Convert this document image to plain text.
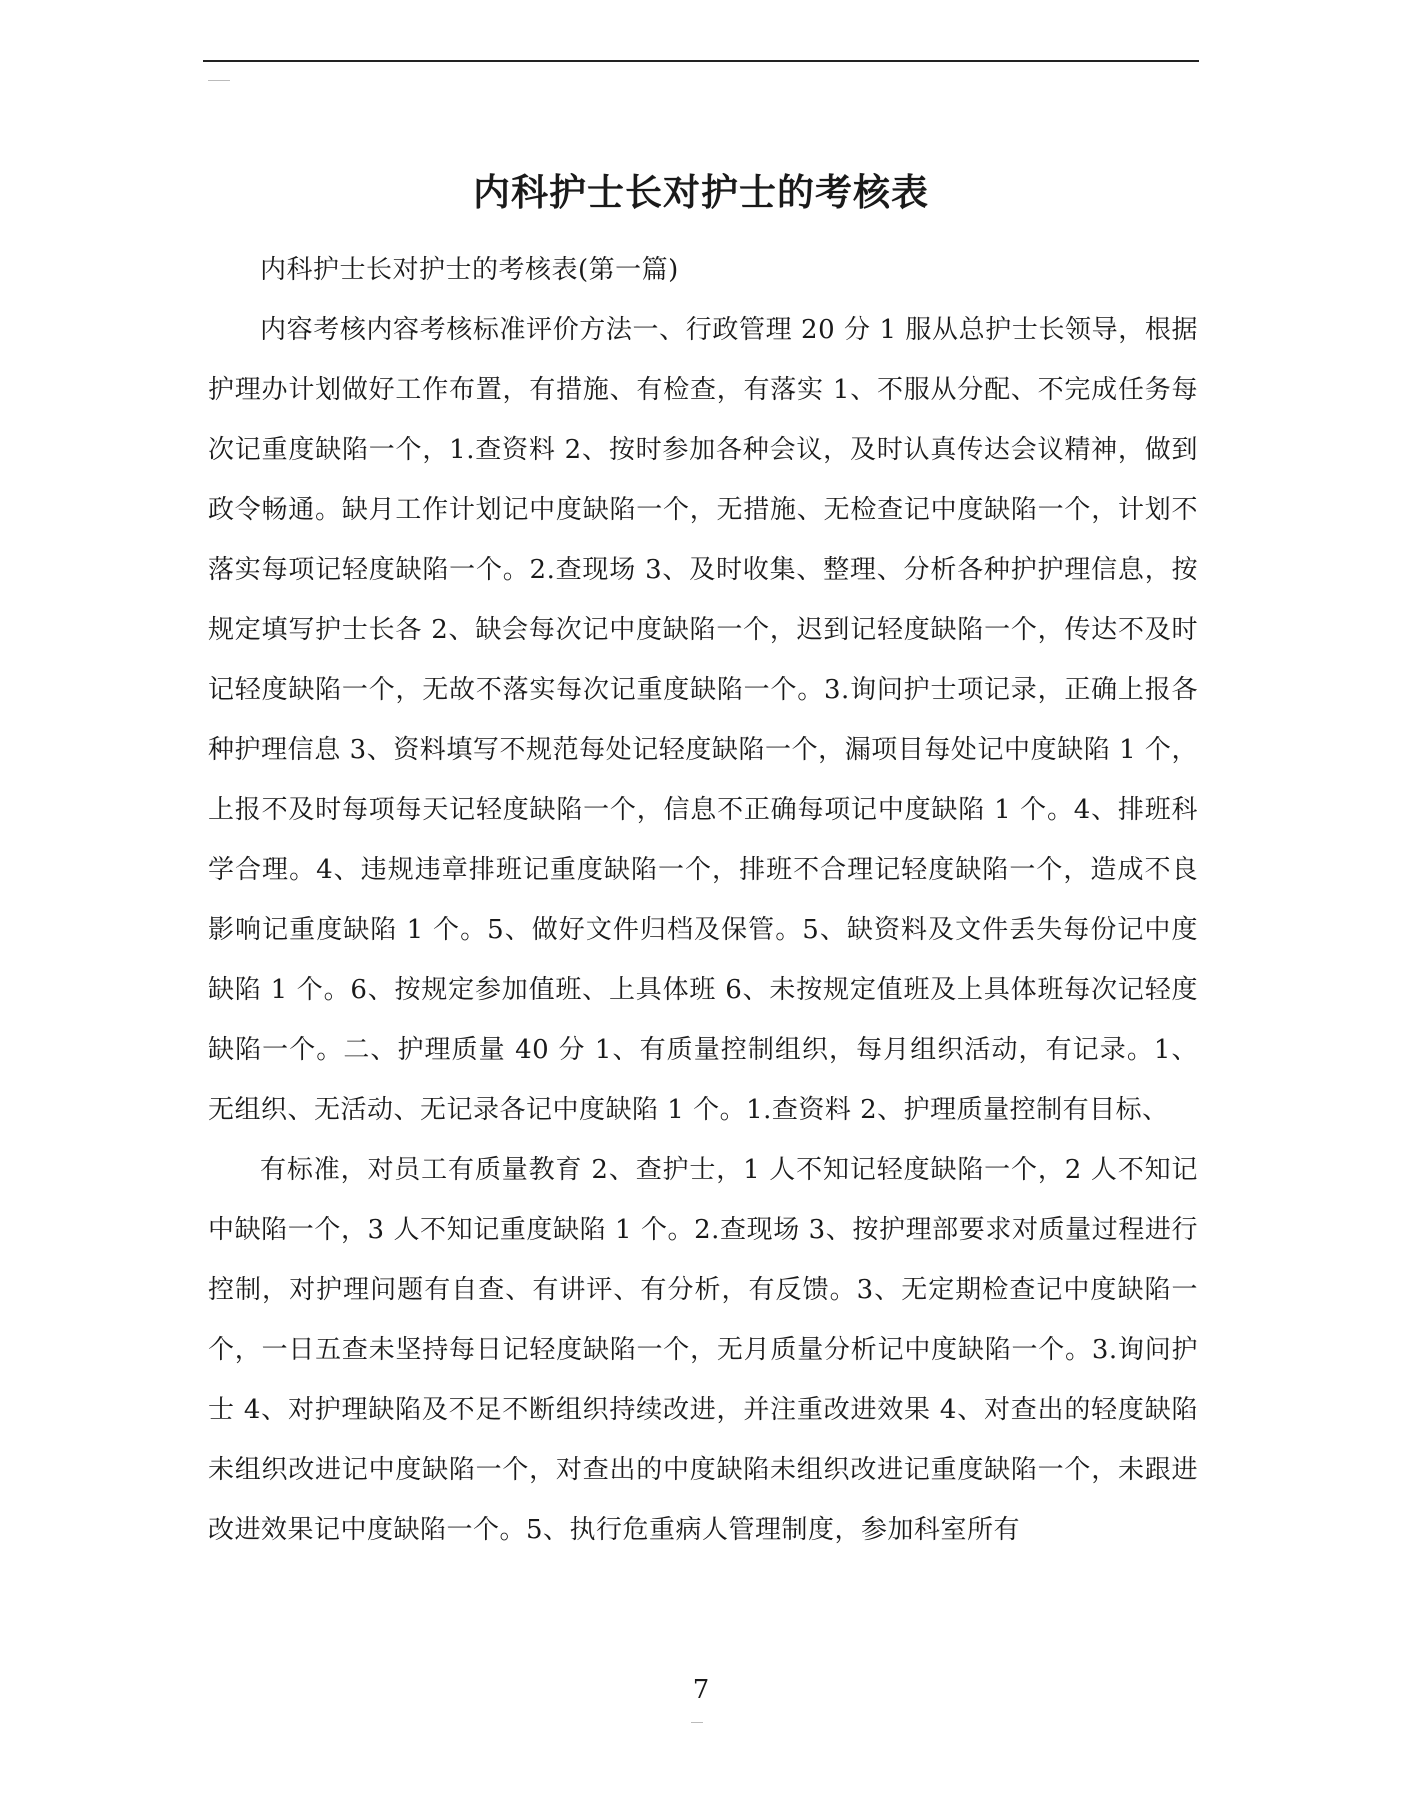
内科护士长对护士的考核表

内科护士长对护士的考核表(第一篇)

内容考核内容考核标准评价方法一、行政管理 20 分 1 服从总护士长领导，根据护理办计划做好工作布置，有措施、有检查，有落实 1、不服从分配、不完成任务每次记重度缺陷一个，1.查资料 2、按时参加各种会议，及时认真传达会议精神，做到政令畅通。缺月工作计划记中度缺陷一个，无措施、无检查记中度缺陷一个，计划不落实每项记轻度缺陷一个。2.查现场 3、及时收集、整理、分析各种护护理信息，按规定填写护士长各 2、缺会每次记中度缺陷一个，迟到记轻度缺陷一个，传达不及时记轻度缺陷一个，无故不落实每次记重度缺陷一个。3.询问护士项记录，正确上报各种护理信息 3、资料填写不规范每处记轻度缺陷一个，漏项目每处记中度缺陷 1 个，上报不及时每项每天记轻度缺陷一个，信息不正确每项记中度缺陷 1 个。4、排班科学合理。4、违规违章排班记重度缺陷一个，排班不合理记轻度缺陷一个，造成不良影响记重度缺陷 1 个。5、做好文件归档及保管。5、缺资料及文件丢失每份记中度缺陷 1 个。6、按规定参加值班、上具体班 6、未按规定值班及上具体班每次记轻度缺陷一个。二、护理质量 40 分 1、有质量控制组织，每月组织活动，有记录。1、无组织、无活动、无记录各记中度缺陷 1 个。1.查资料 2、护理质量控制有目标、

有标准，对员工有质量教育 2、查护士，1 人不知记轻度缺陷一个，2 人不知记中缺陷一个，3 人不知记重度缺陷 1 个。2.查现场 3、按护理部要求对质量过程进行控制，对护理问题有自查、有讲评、有分析，有反馈。3、无定期检查记中度缺陷一个，一日五查未坚持每日记轻度缺陷一个，无月质量分析记中度缺陷一个。3.询问护士 4、对护理缺陷及不足不断组织持续改进，并注重改进效果 4、对查出的轻度缺陷未组织改进记中度缺陷一个，对查出的中度缺陷未组织改进记重度缺陷一个，未跟进改进效果记中度缺陷一个。5、执行危重病人管理制度，参加科室所有

7
